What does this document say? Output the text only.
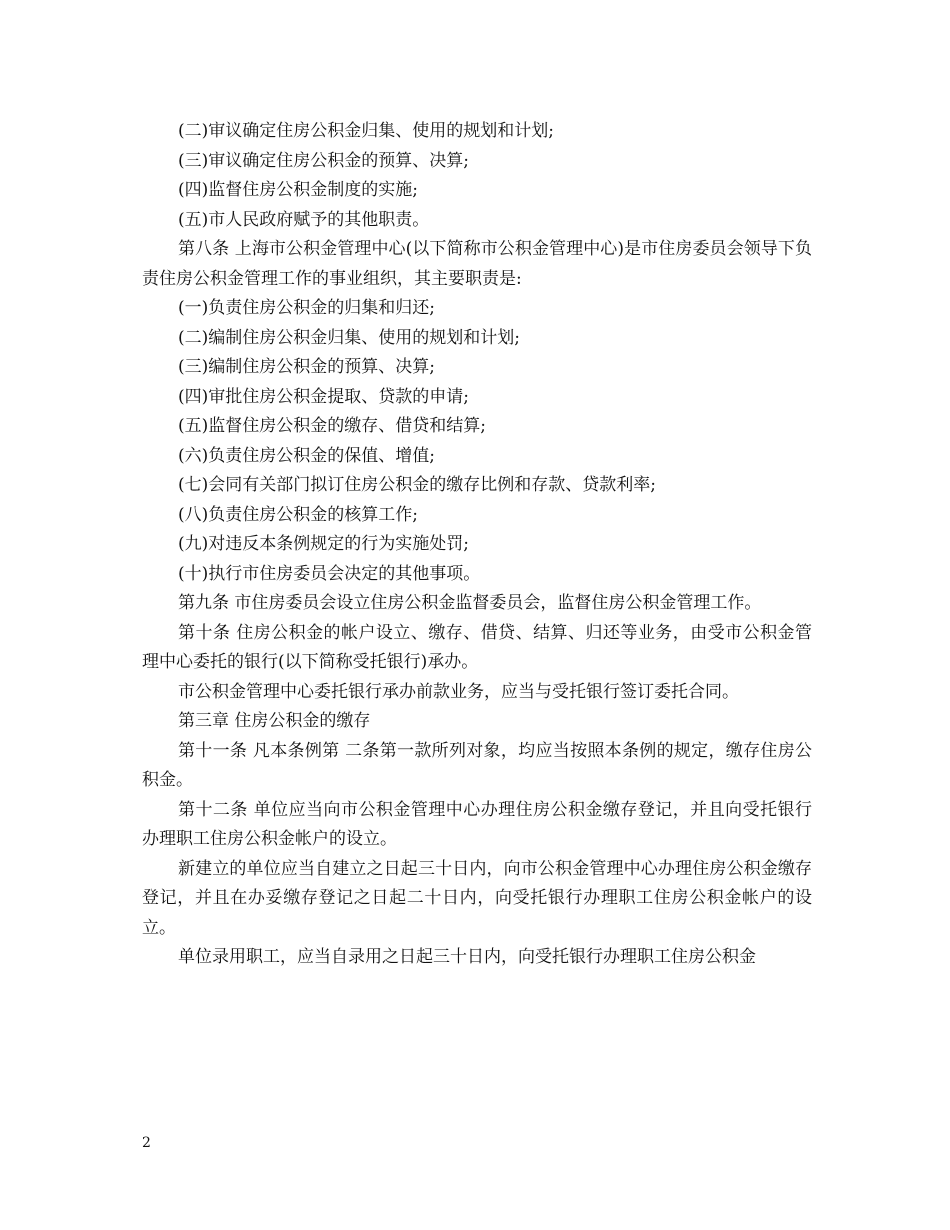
(二)审议确定住房公积金归集、使用的规划和计划;

(三)审议确定住房公积金的预算、决算;

(四)监督住房公积金制度的实施;

(五)市人民政府赋予的其他职责。

第八条 上海市公积金管理中心(以下简称市公积金管理中心)是市住房委员会领导下负责住房公积金管理工作的事业组织，其主要职责是:

(一)负责住房公积金的归集和归还;

(二)编制住房公积金归集、使用的规划和计划;

(三)编制住房公积金的预算、决算;

(四)审批住房公积金提取、贷款的申请;

(五)监督住房公积金的缴存、借贷和结算;

(六)负责住房公积金的保值、增值;

(七)会同有关部门拟订住房公积金的缴存比例和存款、贷款利率;

(八)负责住房公积金的核算工作;

(九)对违反本条例规定的行为实施处罚;

(十)执行市住房委员会决定的其他事项。

第九条 市住房委员会设立住房公积金监督委员会，监督住房公积金管理工作。

第十条 住房公积金的帐户设立、缴存、借贷、结算、归还等业务，由受市公积金管理中心委托的银行(以下简称受托银行)承办。

市公积金管理中心委托银行承办前款业务，应当与受托银行签订委托合同。

第三章 住房公积金的缴存

第十一条 凡本条例第 二条第一款所列对象，均应当按照本条例的规定，缴存住房公积金。

第十二条 单位应当向市公积金管理中心办理住房公积金缴存登记，并且向受托银行办理职工住房公积金帐户的设立。

新建立的单位应当自建立之日起三十日内，向市公积金管理中心办理住房公积金缴存登记，并且在办妥缴存登记之日起二十日内，向受托银行办理职工住房公积金帐户的设立。

单位录用职工，应当自录用之日起三十日内，向受托银行办理职工住房公积金

2
